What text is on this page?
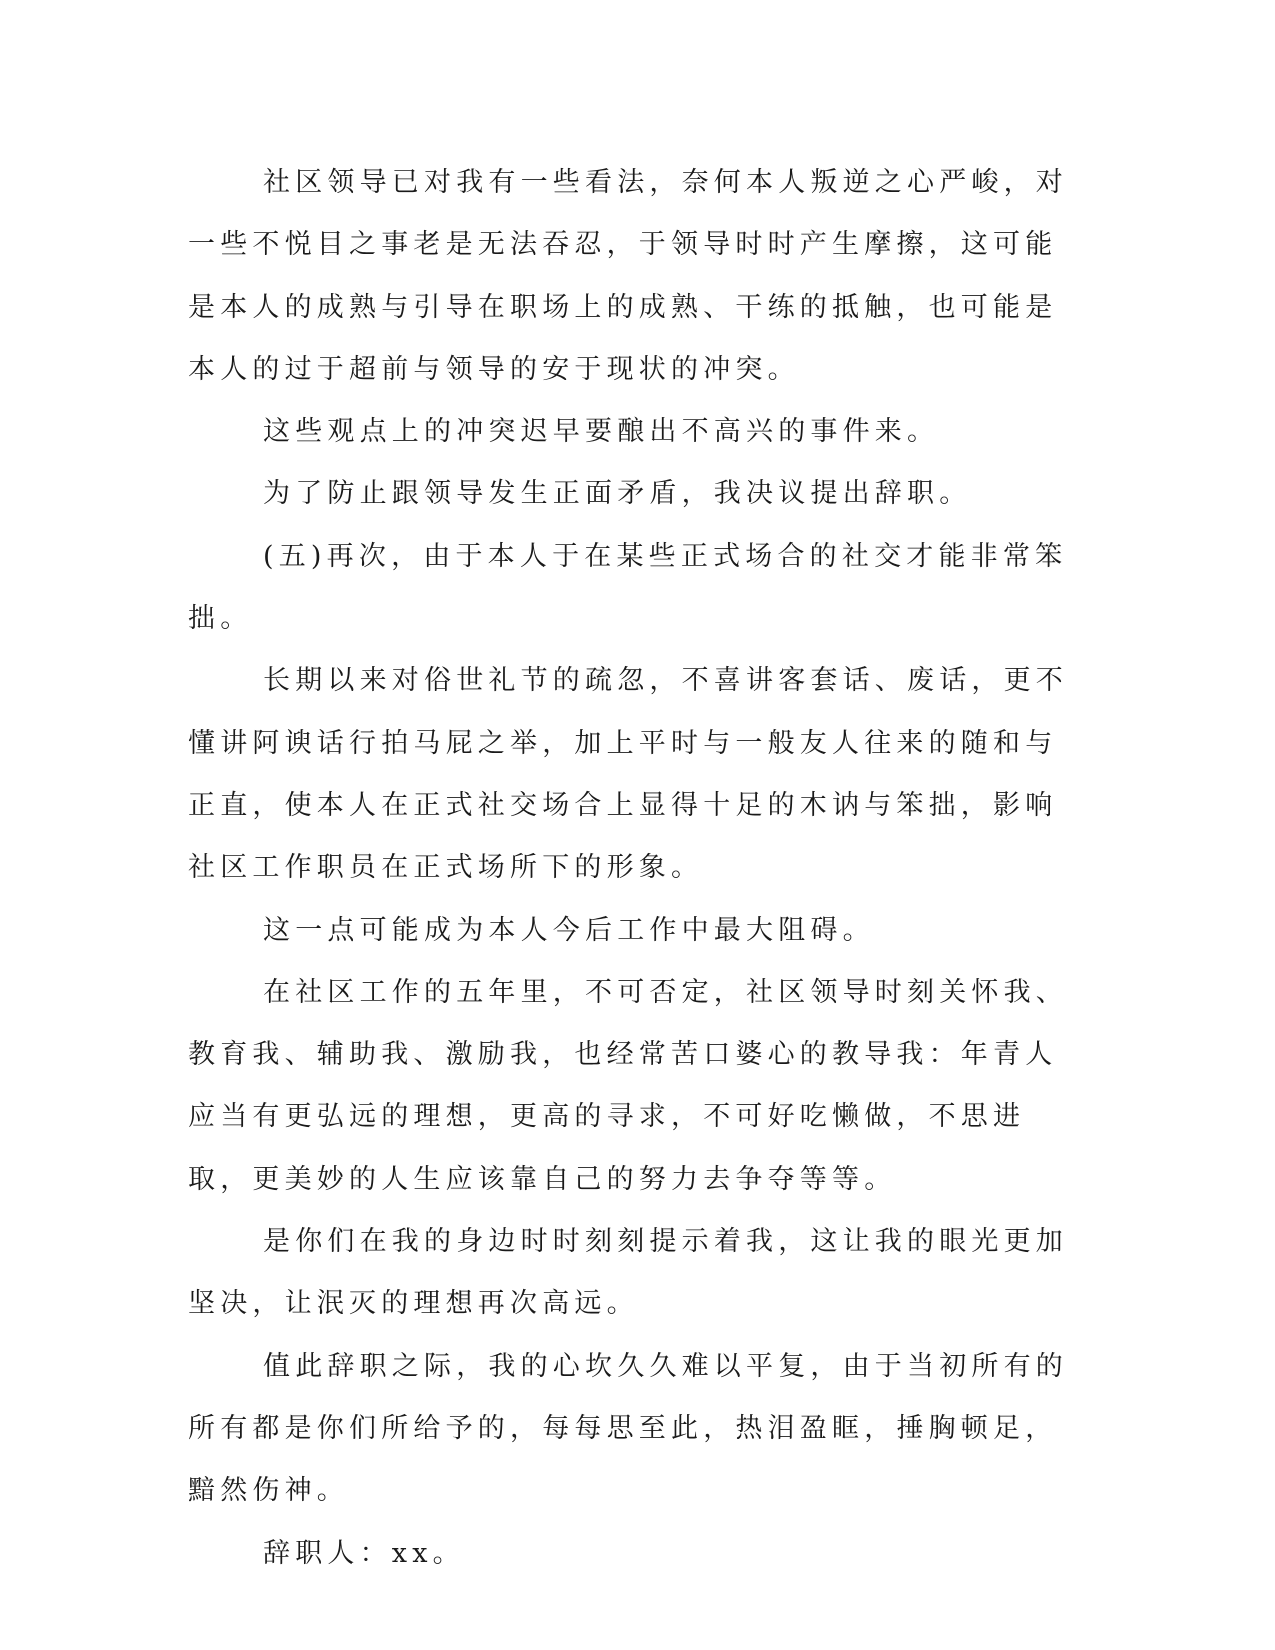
社区领导已对我有一些看法，奈何本人叛逆之心严峻，对一些不悦目之事老是无法吞忍，于领导时时产生摩擦，这可能是本人的成熟与引导在职场上的成熟、干练的抵触，也可能是本人的过于超前与领导的安于现状的冲突。

这些观点上的冲突迟早要酿出不高兴的事件来。

为了防止跟领导发生正面矛盾，我决议提出辞职。

(五)再次，由于本人于在某些正式场合的社交才能非常笨拙。

长期以来对俗世礼节的疏忽，不喜讲客套话、废话，更不懂讲阿谀话行拍马屁之举，加上平时与一般友人往来的随和与正直，使本人在正式社交场合上显得十足的木讷与笨拙，影响社区工作职员在正式场所下的形象。

这一点可能成为本人今后工作中最大阻碍。

在社区工作的五年里，不可否定，社区领导时刻关怀我、教育我、辅助我、激励我，也经常苦口婆心的教导我：年青人应当有更弘远的理想，更高的寻求，不可好吃懒做，不思进取，更美妙的人生应该靠自己的努力去争夺等等。

是你们在我的身边时时刻刻提示着我，这让我的眼光更加坚决，让泯灭的理想再次高远。

值此辞职之际，我的心坎久久难以平复，由于当初所有的所有都是你们所给予的，每每思至此，热泪盈眶，捶胸顿足，黯然伤神。

辞职人：xx。
